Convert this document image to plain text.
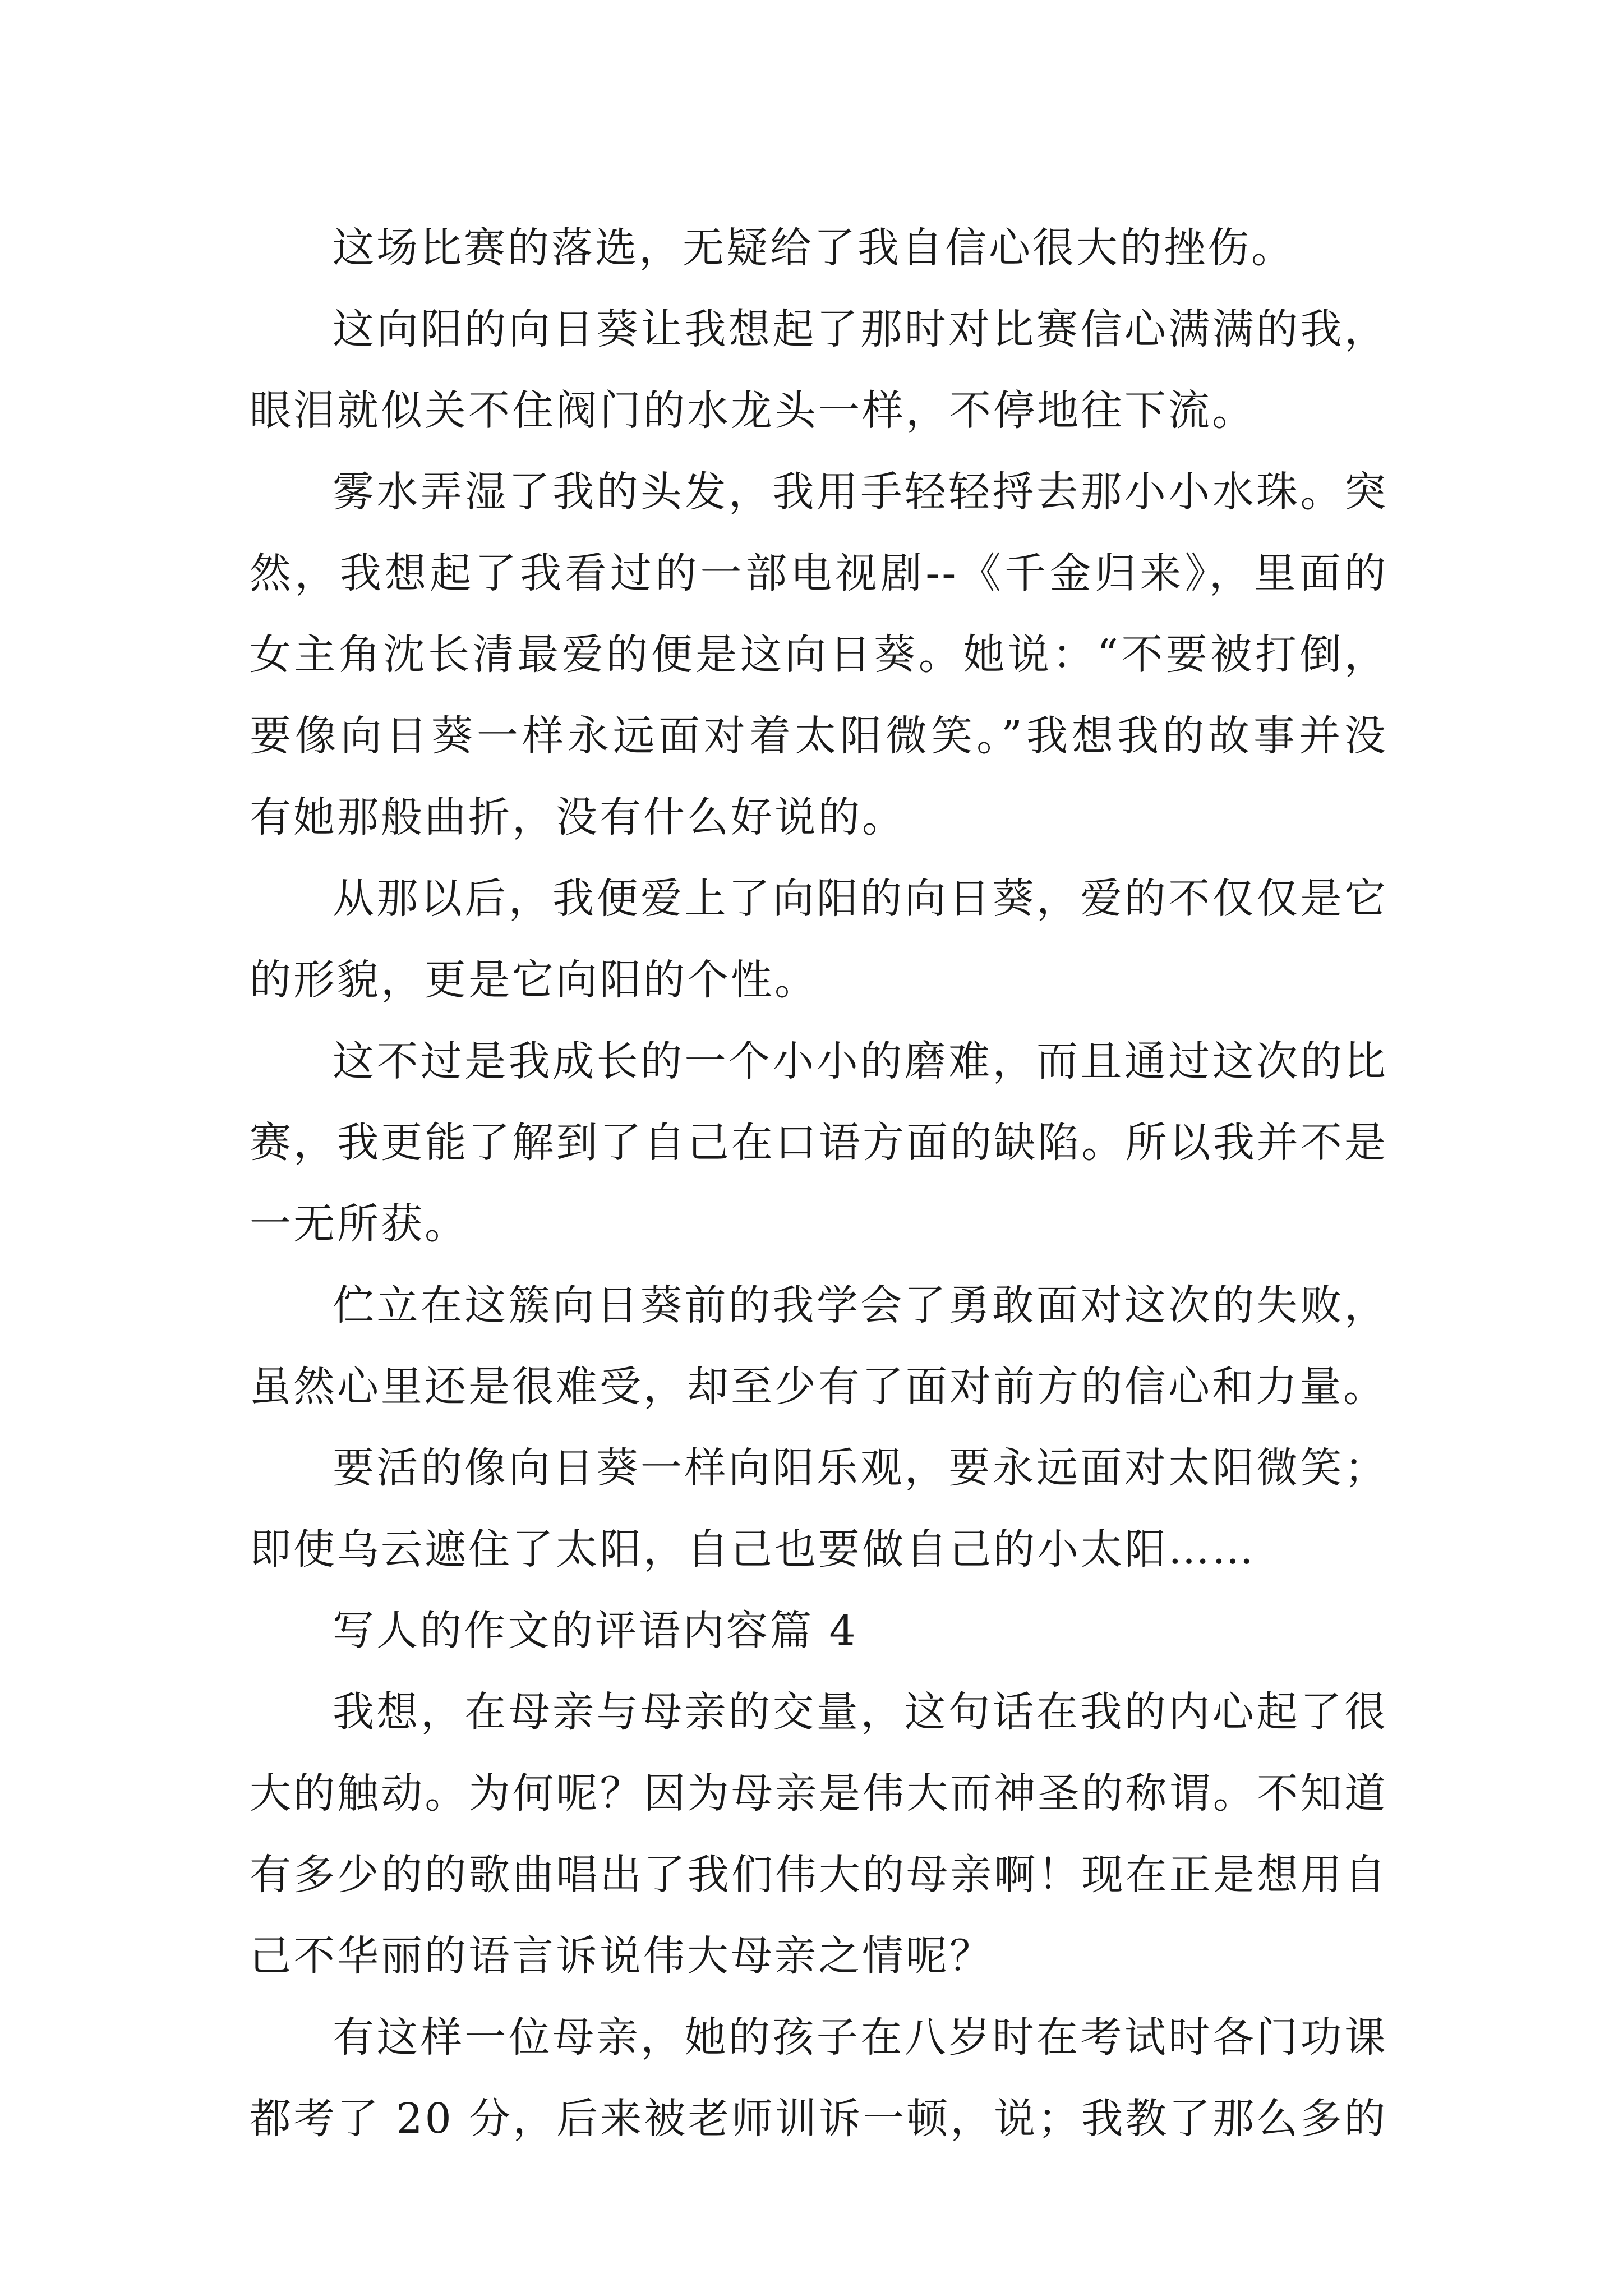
这场比赛的落选，无疑给了我自信心很大的挫伤。

这向阳的向日葵让我想起了那时对比赛信心满满的我，眼泪就似关不住阀门的水龙头一样，不停地往下流。

雾水弄湿了我的头发，我用手轻轻捋去那小小水珠。突然，我想起了我看过的一部电视剧--《千金归来》，里面的女主角沈长清最爱的便是这向日葵。她说：“不要被打倒，要像向日葵一样永远面对着太阳微笑。”我想我的故事并没有她那般曲折，没有什么好说的。

从那以后，我便爱上了向阳的向日葵，爱的不仅仅是它的形貌，更是它向阳的个性。

这不过是我成长的一个小小的磨难，而且通过这次的比赛，我更能了解到了自己在口语方面的缺陷。所以我并不是一无所获。

伫立在这簇向日葵前的我学会了勇敢面对这次的失败，虽然心里还是很难受，却至少有了面对前方的信心和力量。

要活的像向日葵一样向阳乐观，要永远面对太阳微笑；即使乌云遮住了太阳，自己也要做自己的小太阳……

写人的作文的评语内容篇 4

我想，在母亲与母亲的交量，这句话在我的内心起了很大的触动。为何呢？因为母亲是伟大而神圣的称谓。不知道有多少的的歌曲唱出了我们伟大的母亲啊！现在正是想用自己不华丽的语言诉说伟大母亲之情呢？

有这样一位母亲，她的孩子在八岁时在考试时各门功课都考了 20 分，后来被老师训诉一顿，说；我教了那么多的
